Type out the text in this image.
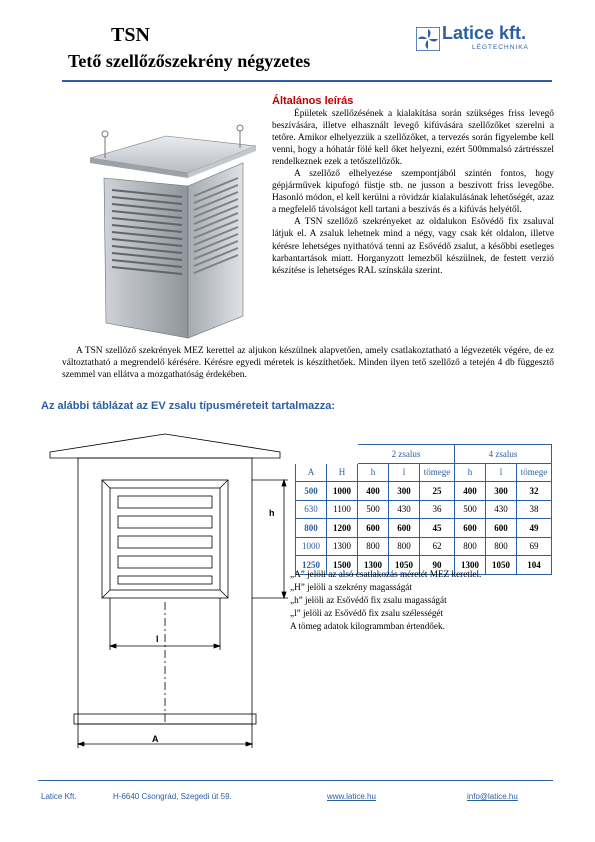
TSN
Tető szellőzőszekrény négyzetes
Latice kft.
LÉGTECHNIKA
Általános leírás

Épületek szellőzésének a kialakítása során szükséges friss levegő beszívására, illetve elhasznált levegő kifúvására szellőzőket szerelni a tetőre. Amikor elhelyezzük a szellőzőket, a tervezés során figyelembe kell venni, hogy a hóhatár fölé kell őket helyezni, ezért 500mmalsó zártrésszel rendelkeznek ezek a tetőszellőzők.

A szellőző elhelyezése szempontjából szintén fontos, hogy gépjárművek kipufogó füstje stb. ne jusson a beszívott friss levegőbe. Hasonló módon, el kell kerülni a rövidzár kialakulásának lehetőségét, azaz a megfelelő távolságot kell tartani a beszívás és a kifúvás helyétől.

A TSN szellőző szekrényeket az oldalukon Esővédő fix zsaluval látjuk el. A zsaluk lehetnek mind a négy, vagy csak két oldalon, illetve kérésre lehetséges nyithatóvá tenni az Esővédő zsalut, a későbbi esetleges karbantartások miatt. Horganyzott lemezből készülnek, de festett verzió készítése is lehetséges RAL színskála szerint.

A TSN szellőző szekrények MEZ kerettel az aljukon készülnek alapvetően, amely csatlakoztatható a légvezeték végére, de ez változtatható a megrendelő kérésére. Kérésre egyedi méretek is készíthetőek. Minden ilyen tető szellőző a tetején 4 db függesztő szemmel van ellátva a mozgathatóság érdekében.

Az alábbi táblázat az EV zsalu típusméreteit tartalmazza:
h
l
A
		2 zsalus			4 zsalus		
A	H	h	l	tömege	h	l	tömege
500	1000	400	300	25	400	300	32
630	1100	500	430	36	500	430	38
800	1200	600	600	45	600	600	49
1000	1300	800	800	62	800	800	69
1250	1500	1300	1050	90	1300	1050	104
„A” jelöli az alsó csatlakozás méretét MEZ keretlel.
„H” jelöli a szekrény magasságát
„h” jelöli az Esővédő fix zsalu magasságát
„l” jelöli az Esővédő fix zsalu szélességét
A tömeg adatok kilogrammban értendőek.
Latice Kft.	H-6640 Csongrád, Szegedi út 59.	www.latice.hu	info@latice.hu
